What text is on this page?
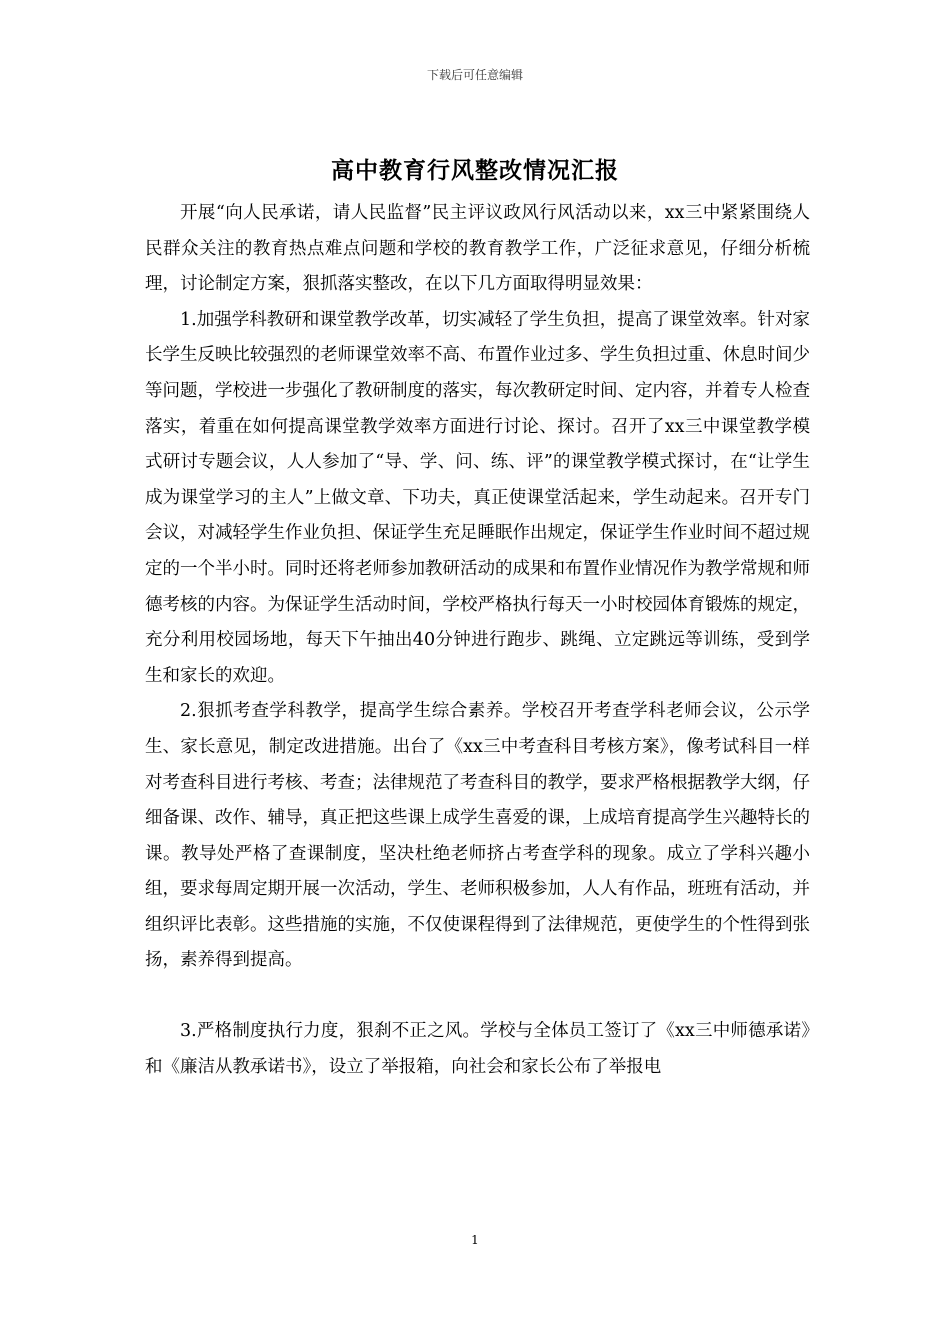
下载后可任意编辑
高中教育行风整改情况汇报

开展“向人民承诺，请人民监督”民主评议政风行风活动以来，xx三中紧紧围绕人民群众关注的教育热点难点问题和学校的教育教学工作，广泛征求意见，仔细分析梳理，讨论制定方案，狠抓落实整改，在以下几方面取得明显效果：

1.加强学科教研和课堂教学改革，切实减轻了学生负担，提高了课堂效率。针对家长学生反映比较强烈的老师课堂效率不高、布置作业过多、学生负担过重、休息时间少等问题，学校进一步强化了教研制度的落实，每次教研定时间、定内容，并着专人检查落实，着重在如何提高课堂教学效率方面进行讨论、探讨。召开了xx三中课堂教学模式研讨专题会议，人人参加了“导、学、问、练、评”的课堂教学模式探讨，在“让学生成为课堂学习的主人”上做文章、下功夫，真正使课堂活起来，学生动起来。召开专门会议，对减轻学生作业负担、保证学生充足睡眠作出规定，保证学生作业时间不超过规定的一个半小时。同时还将老师参加教研活动的成果和布置作业情况作为教学常规和师德考核的内容。为保证学生活动时间，学校严格执行每天一小时校园体育锻炼的规定，充分利用校园场地，每天下午抽出40分钟进行跑步、跳绳、立定跳远等训练，受到学生和家长的欢迎。

2.狠抓考查学科教学，提高学生综合素养。学校召开考查学科老师会议，公示学生、家长意见，制定改进措施。出台了《xx三中考查科目考核方案》，像考试科目一样对考查科目进行考核、考查；法律规范了考查科目的教学，要求严格根据教学大纲，仔细备课、改作、辅导，真正把这些课上成学生喜爱的课，上成培育提高学生兴趣特长的课。教导处严格了查课制度，坚决杜绝老师挤占考查学科的现象。成立了学科兴趣小组，要求每周定期开展一次活动，学生、老师积极参加，人人有作品，班班有活动，并组织评比表彰。这些措施的实施，不仅使课程得到了法律规范，更使学生的个性得到张扬，素养得到提高。

3.严格制度执行力度，狠刹不正之风。学校与全体员工签订了《xx三中师德承诺》和《廉洁从教承诺书》，设立了举报箱，向社会和家长公布了举报电

1
